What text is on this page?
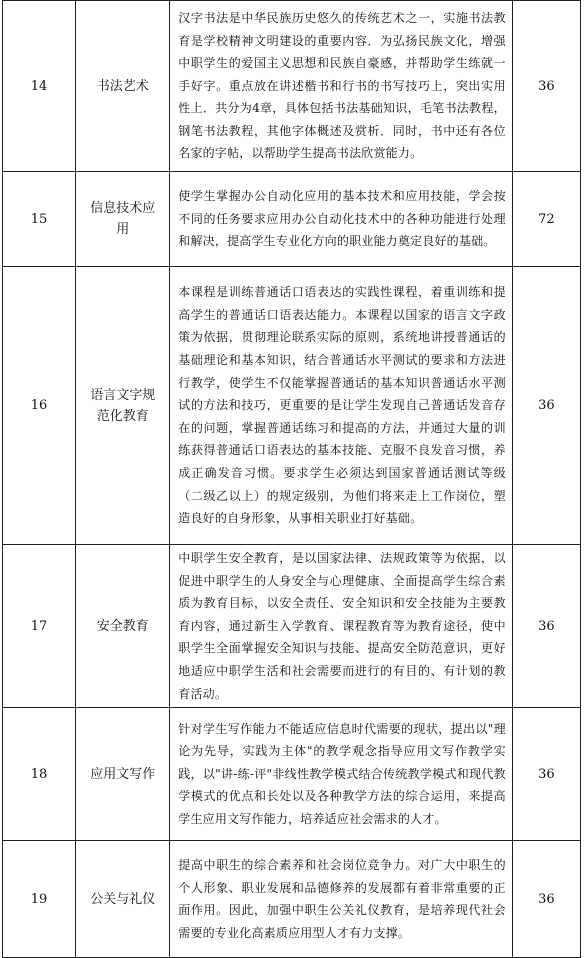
14	书法艺术	汉字书法是中华民族历史悠久的传统艺术之一，实施书法教育是学校精神文明建设的重要内容．为弘扬民族文化，增强中职学生的爱国主义思想和民族自豪感，并帮助学生练就一手好字。重点放在讲述楷书和行书的书写技巧上，突出实用性上．共分为4章，具体包括书法基础知识，毛笔书法教程，钢笔书法教程，其他字体概述及赏析．同时，书中还有各位名家的字帖，以帮助学生提高书法欣赏能力。	36
15	信息技术应用	使学生掌握办公自动化应用的基本技术和应用技能，学会按不同的任务要求应用办公自动化技术中的各种功能进行处理和解决，提高学生专业化方向的职业能力奠定良好的基础。	72
16	语言文字规范化教育	本课程是训练普通话口语表达的实践性课程，着重训练和提高学生的普通话口语表达能力。本课程以国家的语言文字政策为依据，贯彻理论联系实际的原则，系统地讲授普通话的基础理论和基本知识，结合普通话水平测试的要求和方法进行教学，使学生不仅能掌握普通话的基本知识普通话水平测试的方法和技巧，更重要的是让学生发现自己普通话发音存在的问题，掌握普通话练习和提高的方法，并通过大量的训练获得普通话口语表达的基本技能、克服不良发音习惯，养成正确发音习惯。要求学生必须达到国家普通话测试等级　（二级乙以上）的规定级别，为他们将来走上工作岗位，塑造良好的自身形象，从事相关职业打好基础。	36
17	安全教育	中职学生安全教育，是以国家法律、法规政策等为依据，以促进中职学生的人身安全与心理健康、全面提高学生综合素质为教育目标，以安全责任、安全知识和安全技能为主要教育内容，通过新生入学教育、课程教育等为教育途径，使中职学生全面掌握安全知识与技能、提高安全防范意识，更好地适应中职学生活和社会需要而进行的有目的、有计划的教育活动。	36
18	应用文写作	针对学生写作能力不能适应信息时代需要的现状，提出以"理论为先导，实践为主体"的教学观念指导应用文写作教学实践，以"讲-练-评"非线性教学模式结合传统教学模式和现代教学模式的优点和长处以及各种教学方法的综合运用，来提高学生应用文写作能力，培养适应社会需求的人才。	36
19	公关与礼仪	提高中职生的综合素养和社会岗位竞争力。对广大中职生的个人形象、职业发展和品德修养的发展都有着非常重要的正面作用。因此，加强中职生公关礼仪教育，是培养现代社会需要的专业化高素质应用型人才有力支撑。	36
